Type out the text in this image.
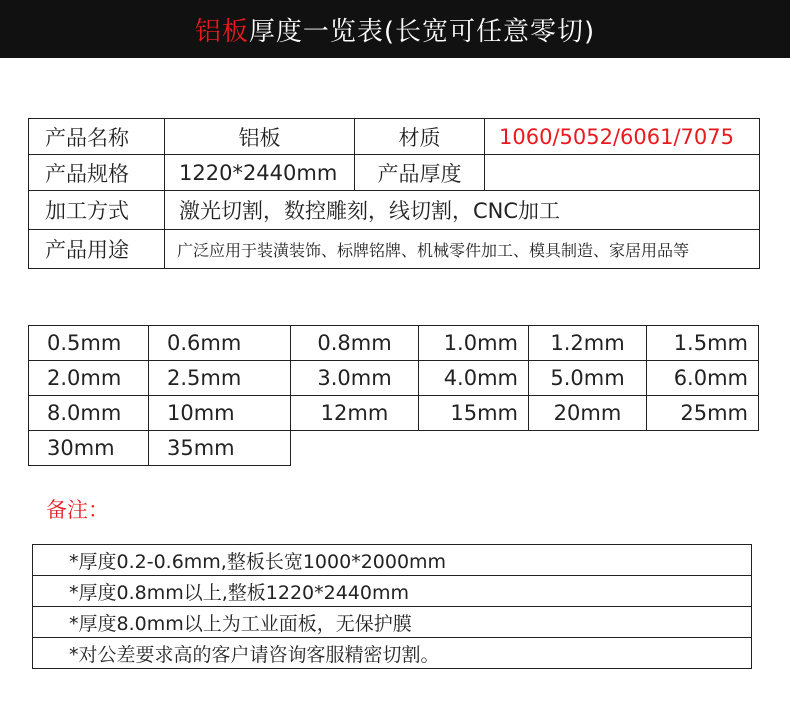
铝板 厚度一览表(长宽可任意零切)
产品名称	铝板	材质	1060/5052/6061/7075
产品规格	1220*2440mm	产品厚度	
加工方式	激光切割，数控雕刻，线切割，CNC加工		
产品用途	广泛应用于装潢装饰、标牌铭牌、机械零件加工、模具制造、家居用品等		
0.5mm	0.6mm	0.8mm	1.0mm	1.2mm	1.5mm
2.0mm	2.5mm	3.0mm	4.0mm	5.0mm	6.0mm
8.0mm	10mm	12mm	15mm	20mm	25mm
30mm	35mm				
备注：
*厚度0.2-0.6mm,整板长宽1000*2000mm
*厚度0.8mm以上,整板1220*2440mm
*厚度8.0mm以上为工业面板，无保护膜
*对公差要求高的客户请咨询客服精密切割。
